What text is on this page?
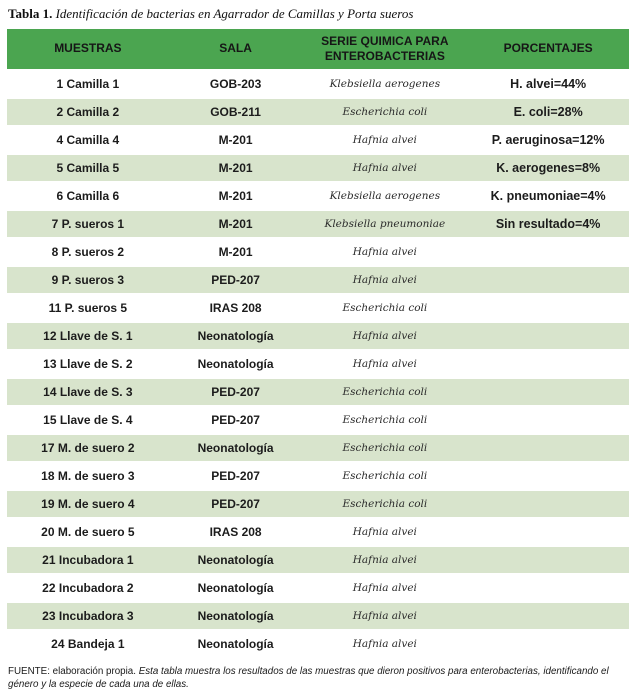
Tabla 1. Identificación de bacterias en Agarrador de Camillas y Porta sueros

MUESTRAS	SALA	SERIE QUIMICA PARA ENTEROBACTERIAS	PORCENTAJES
1 Camilla 1	GOB-203	Klebsiella aerogenes	H. alvei=44%
2 Camilla 2	GOB-211	Escherichia coli	E. coli=28%
4 Camilla 4	M-201	Hafnia alvei	P. aeruginosa=12%
5 Camilla 5	M-201	Hafnia alvei	K. aerogenes=8%
6 Camilla 6	M-201	Klebsiella aerogenes	K. pneumoniae=4%
7 P. sueros 1	M-201	Klebsiella pneumoniae	Sin resultado=4%
8 P. sueros 2	M-201	Hafnia alvei	
9 P. sueros 3	PED-207	Hafnia alvei	
11 P. sueros 5	IRAS 208	Escherichia coli	
12 Llave de S. 1	Neonatología	Hafnia alvei	
13 Llave de S. 2	Neonatología	Hafnia alvei	
14 Llave de S. 3	PED-207	Escherichia coli	
15 Llave de S. 4	PED-207	Escherichia coli	
17 M. de suero 2	Neonatología	Escherichia coli	
18 M. de suero 3	PED-207	Escherichia coli	
19 M. de suero 4	PED-207	Escherichia coli	
20 M. de suero 5	IRAS 208	Hafnia alvei	
21 Incubadora 1	Neonatología	Hafnia alvei	
22 Incubadora 2	Neonatología	Hafnia alvei	
23 Incubadora 3	Neonatología	Hafnia alvei	
24 Bandeja 1	Neonatología	Hafnia alvei	

FUENTE: elaboración propia. Esta tabla muestra los resultados de las muestras que dieron positivos para enterobacterias, identificando el género y la especie de cada una de ellas.
